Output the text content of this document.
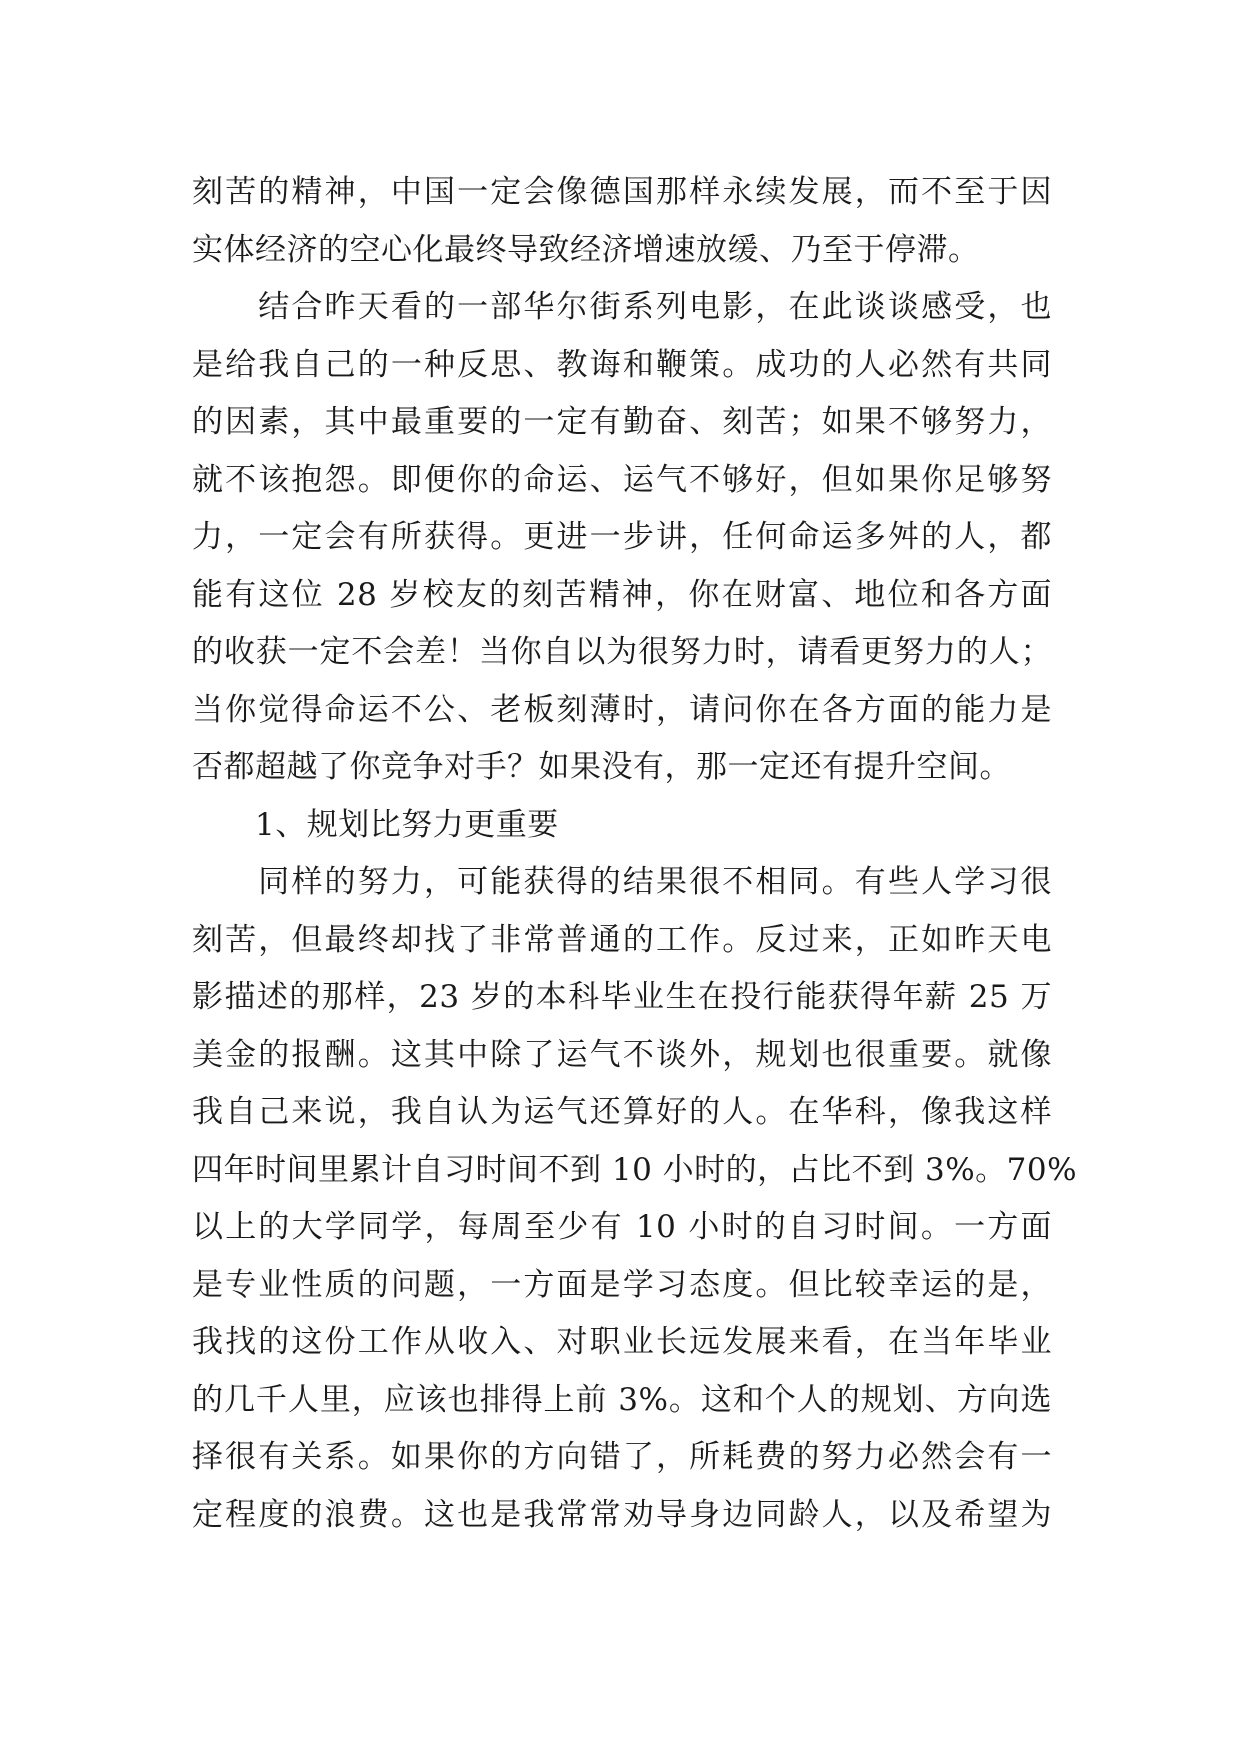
刻苦的精神，中国一定会像德国那样永续发展，而不至于因
实体经济的空心化最终导致经济增速放缓、乃至于停滞。
　　结合昨天看的一部华尔街系列电影，在此谈谈感受，也
是给我自己的一种反思、教诲和鞭策。成功的人必然有共同
的因素，其中最重要的一定有勤奋、刻苦；如果不够努力，
就不该抱怨。即便你的命运、运气不够好，但如果你足够努
力，一定会有所获得。更进一步讲，任何命运多舛的人，都
能有这位 28 岁校友的刻苦精神，你在财富、地位和各方面
的收获一定不会差！当你自以为很努力时，请看更努力的人；
当你觉得命运不公、老板刻薄时，请问你在各方面的能力是
否都超越了你竞争对手？如果没有，那一定还有提升空间。
　　1、规划比努力更重要
　　同样的努力，可能获得的结果很不相同。有些人学习很
刻苦，但最终却找了非常普通的工作。反过来，正如昨天电
影描述的那样，23 岁的本科毕业生在投行能获得年薪 25 万
美金的报酬。这其中除了运气不谈外，规划也很重要。就像
我自己来说，我自认为运气还算好的人。在华科，像我这样
四年时间里累计自习时间不到 10 小时的，占比不到 3%。70%
以上的大学同学，每周至少有 10 小时的自习时间。一方面
是专业性质的问题，一方面是学习态度。但比较幸运的是，
我找的这份工作从收入、对职业长远发展来看，在当年毕业
的几千人里，应该也排得上前 3%。这和个人的规划、方向选
择很有关系。如果你的方向错了，所耗费的努力必然会有一
定程度的浪费。这也是我常常劝导身边同龄人，以及希望为
